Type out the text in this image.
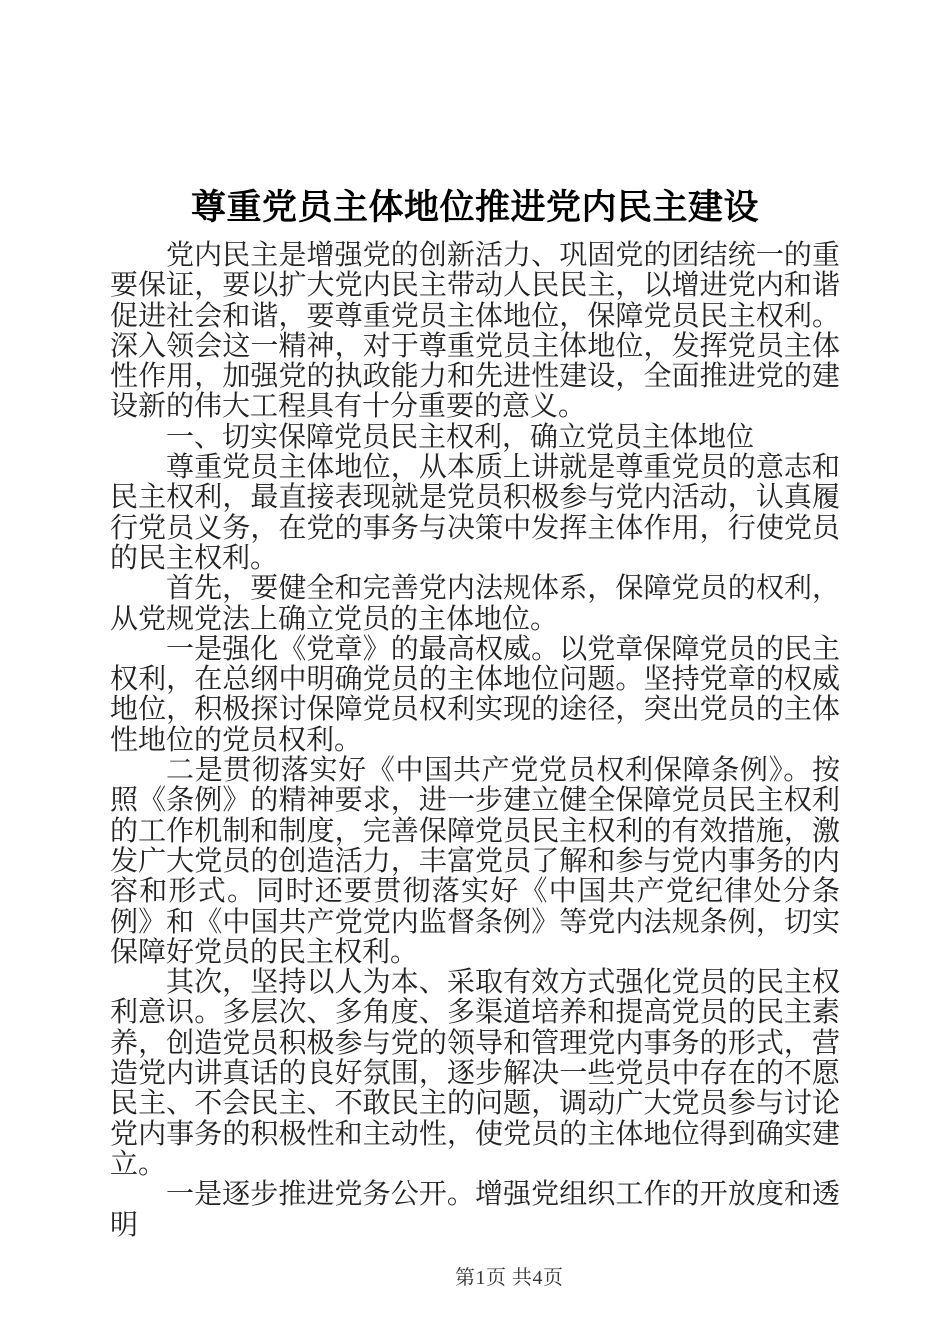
尊重党员主体地位推进党内民主建设

党内民主是增强党的创新活力、巩固党的团结统一的重要保证，要以扩大党内民主带动人民民主，以增进党内和谐促进社会和谐，要尊重党员主体地位，保障党员民主权利。深入领会这一精神，对于尊重党员主体地位，发挥党员主体性作用，加强党的执政能力和先进性建设，全面推进党的建设新的伟大工程具有十分重要的意义。

一、切实保障党员民主权利，确立党员主体地位

尊重党员主体地位，从本质上讲就是尊重党员的意志和民主权利，最直接表现就是党员积极参与党内活动，认真履行党员义务，在党的事务与决策中发挥主体作用，行使党员的民主权利。

首先，要健全和完善党内法规体系，保障党员的权利，从党规党法上确立党员的主体地位。

一是强化《党章》的最高权威。以党章保障党员的民主权利，在总纲中明确党员的主体地位问题。坚持党章的权威地位，积极探讨保障党员权利实现的途径，突出党员的主体性地位的党员权利。

二是贯彻落实好《中国共产党党员权利保障条例》。按照《条例》的精神要求，进一步建立健全保障党员民主权利的工作机制和制度，完善保障党员民主权利的有效措施，激发广大党员的创造活力，丰富党员了解和参与党内事务的内容和形式。同时还要贯彻落实好《中国共产党纪律处分条例》和《中国共产党党内监督条例》等党内法规条例，切实保障好党员的民主权利。

其次，坚持以人为本、采取有效方式强化党员的民主权利意识。多层次、多角度、多渠道培养和提高党员的民主素养，创造党员积极参与党的领导和管理党内事务的形式，营造党内讲真话的良好氛围，逐步解决一些党员中存在的不愿民主、不会民主、不敢民主的问题，调动广大党员参与讨论党内事务的积极性和主动性，使党员的主体地位得到确实建立。

一是逐步推进党务公开。增强党组织工作的开放度和透明

第1页 共4页
